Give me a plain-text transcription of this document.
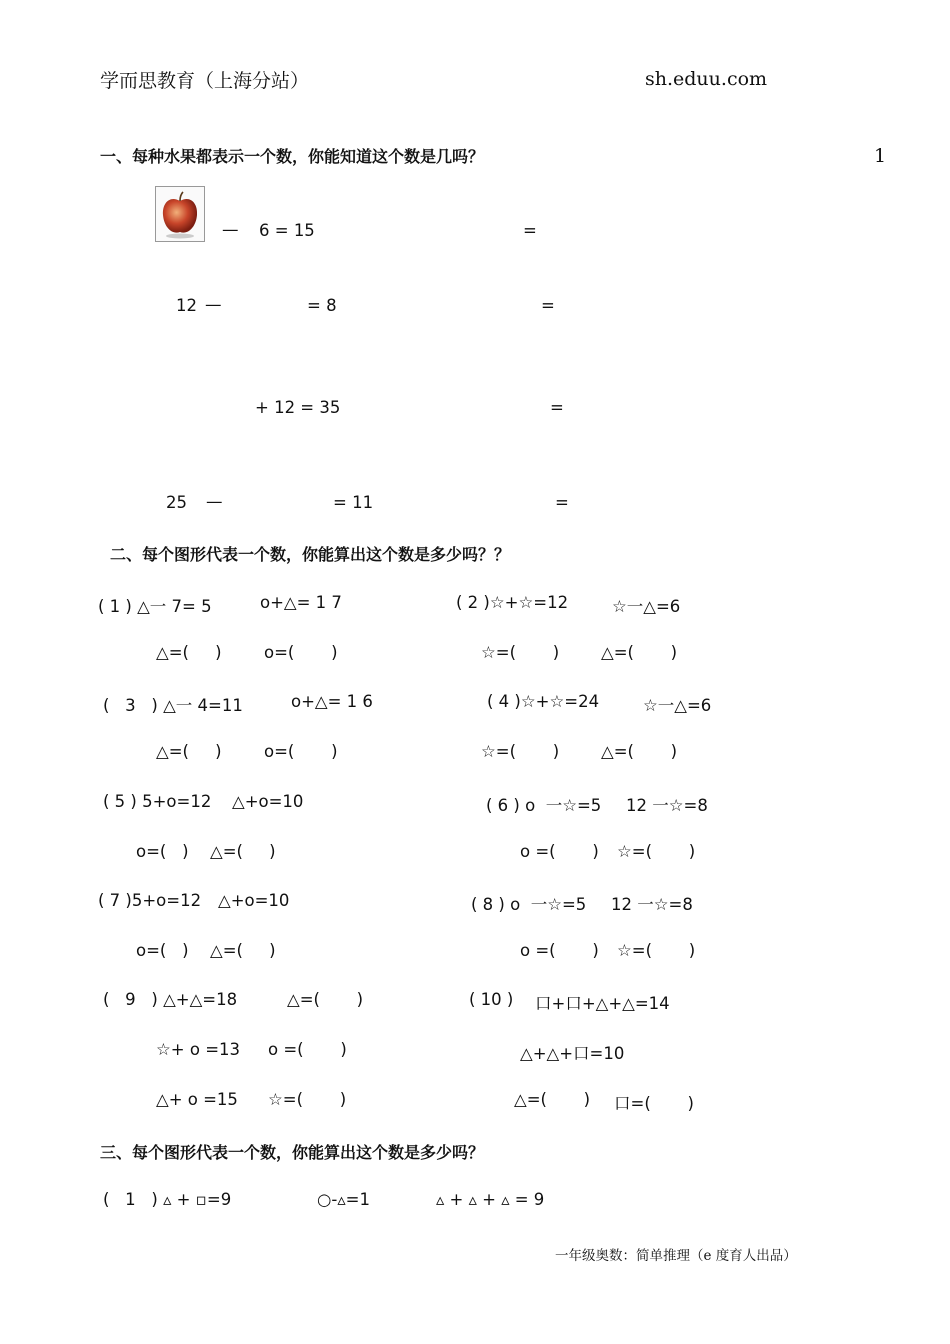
学而思教育（上海分站）	sh.eduu.com
1
一、每种水果都表示一个数，你能知道这个数是几吗？
— 6 = 15	=
12 —	= 8	=
+ 12 = 35	=
25 —	= 11	=
二、每个图形代表一个数，你能算出这个数是多少吗？？
( 1 ) △一 7= 5	o+△= 1 7	( 2 )☆+☆=12	☆一△=6
△=(     )	o=(       )	☆=(       )	△=(       )
(   3   ) △一 4=11	o+△= 1 6	( 4 )☆+☆=24	☆一△=6
△=(     )	o=(       )	☆=(       )	△=(       )
( 5 ) 5+o=12 △+o=10	( 6 ) o  一☆=5 12 一☆=8
o=(   ) △=(     )	o =(       ) ☆=(       )
( 7 )5+o=12 △+o=10	( 8 ) o  一☆=5 12 一☆=8
o=(   ) △=(     )	o =(       ) ☆=(       )
(   9   ) △+△=18	△=(       )	( 10 ) 口+口+△+△=14
☆+ o =13 o =(       )	△+△+口=10
△+ o =15 ☆=(       )	△=(       ) 口=(       )
三、每个图形代表一个数，你能算出这个数是多少吗？
(   1   ) ▵ + ▫=9	○-▵=1	▵ + ▵ + ▵ = 9
一年级奥数：简单推理（e 度育人出品）
